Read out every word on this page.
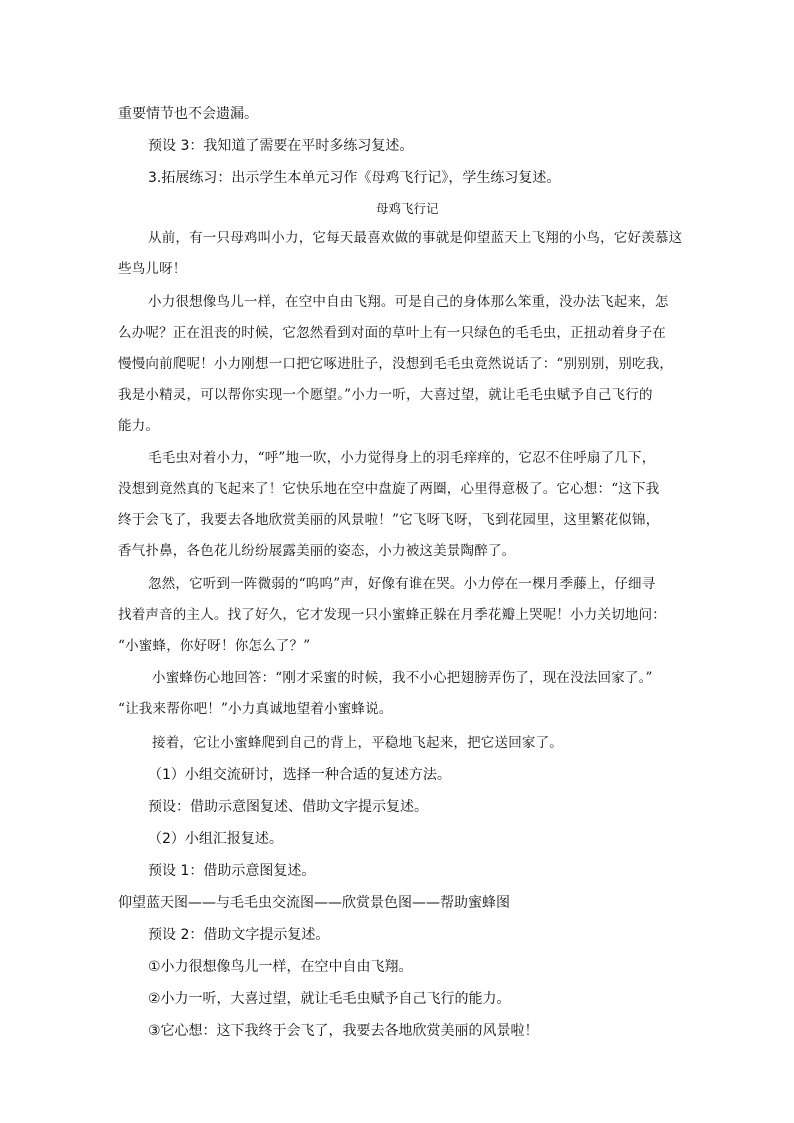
重要情节也不会遗漏。
预设 3：我知道了需要在平时多练习复述。
3.拓展练习：出示学生本单元习作《母鸡飞行记》，学生练习复述。
母鸡飞行记
从前，有一只母鸡叫小力，它每天最喜欢做的事就是仰望蓝天上飞翔的小鸟，它好羡慕这
些鸟儿呀！
小力很想像鸟儿一样，在空中自由飞翔。可是自己的身体那么笨重，没办法飞起来，怎
么办呢？正在沮丧的时候，它忽然看到对面的草叶上有一只绿色的毛毛虫，正扭动着身子在
慢慢向前爬呢！小力刚想一口把它啄进肚子，没想到毛毛虫竟然说话了：“别别别，别吃我，
我是小精灵，可以帮你实现一个愿望。”小力一听，大喜过望，就让毛毛虫赋予自己飞行的
能力。
毛毛虫对着小力，“呼”地一吹，小力觉得身上的羽毛痒痒的，它忍不住呼扇了几下，
没想到竟然真的飞起来了！它快乐地在空中盘旋了两圈，心里得意极了。它心想：“这下我
终于会飞了，我要去各地欣赏美丽的风景啦！”它飞呀飞呀，飞到花园里，这里繁花似锦，
香气扑鼻，各色花儿纷纷展露美丽的姿态，小力被这美景陶醉了。
忽然，它听到一阵微弱的“呜呜”声，好像有谁在哭。小力停在一棵月季藤上，仔细寻
找着声音的主人。找了好久，它才发现一只小蜜蜂正躲在月季花瓣上哭呢！小力关切地问：
“小蜜蜂，你好呀！你怎么了？”
小蜜蜂伤心地回答：“刚才采蜜的时候，我不小心把翅膀弄伤了，现在没法回家了。”
“让我来帮你吧！”小力真诚地望着小蜜蜂说。
接着，它让小蜜蜂爬到自己的背上，平稳地飞起来，把它送回家了。
（1）小组交流研讨，选择一种合适的复述方法。
预设：借助示意图复述、借助文字提示复述。
（2）小组汇报复述。
预设 1：借助示意图复述。
仰望蓝天图——与毛毛虫交流图——欣赏景色图——帮助蜜蜂图
预设 2：借助文字提示复述。
①小力很想像鸟儿一样，在空中自由飞翔。
②小力一听，大喜过望，就让毛毛虫赋予自己飞行的能力。
③它心想：这下我终于会飞了，我要去各地欣赏美丽的风景啦！
